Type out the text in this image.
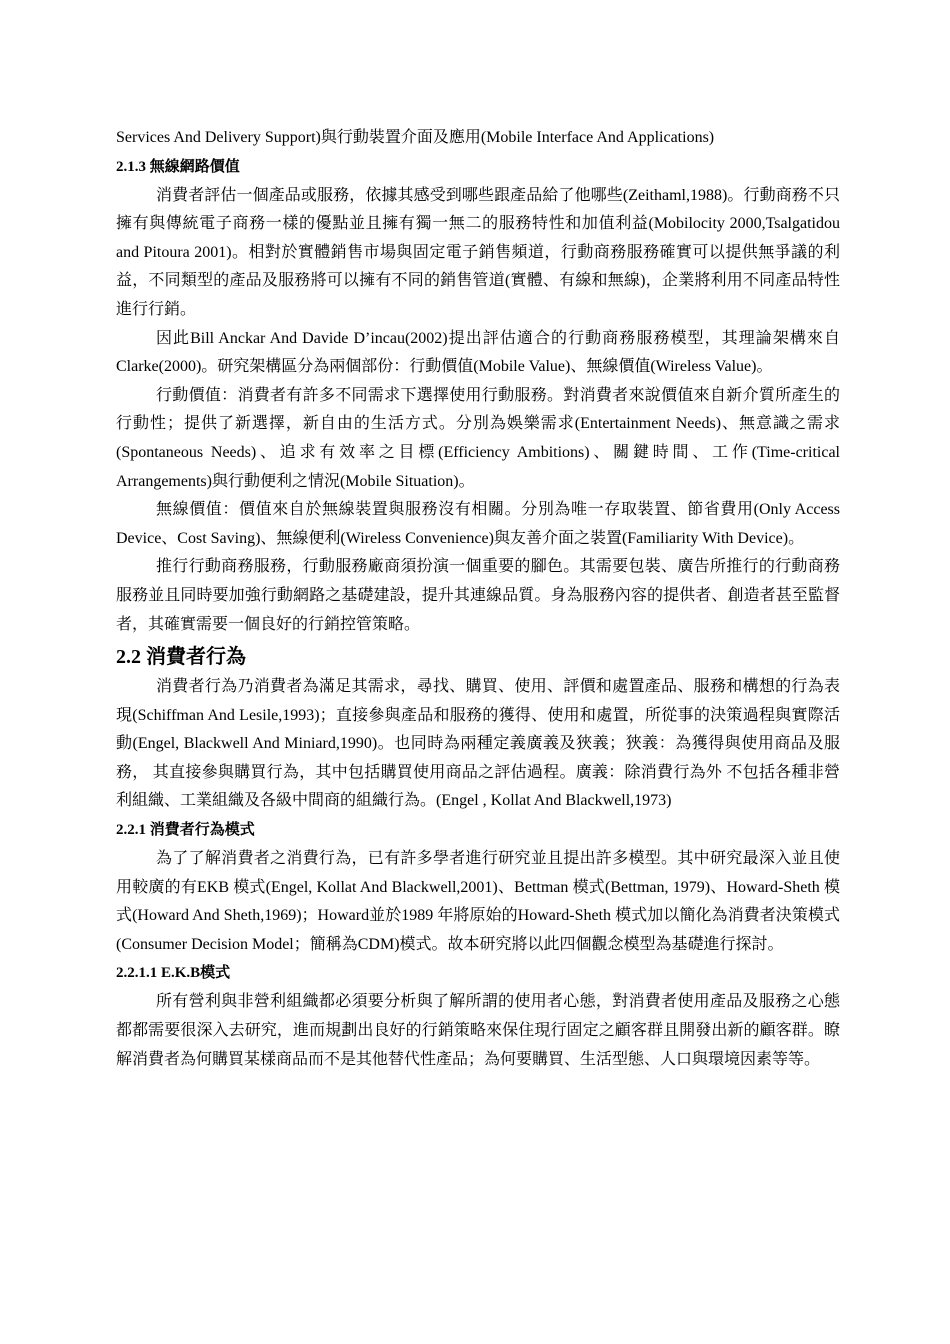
Services And Delivery Support)與行動裝置介面及應用(Mobile Interface And Applications)

2.1.3 無線網路價值

消費者評估一個產品或服務，依據其感受到哪些跟產品給了他哪些(Zeithaml,1988)。行動商務不只擁有與傳統電子商務一樣的優點並且擁有獨一無二的服務特性和加值利益(Mobilocity 2000,Tsalgatidou and Pitoura 2001)。相對於實體銷售市場與固定電子銷售頻道，行動商務服務確實可以提供無爭議的利益，不同類型的產品及服務將可以擁有不同的銷售管道(實體、有線和無線)，企業將利用不同產品特性進行行銷。

因此Bill Anckar And Davide D’incau(2002)提出評估適合的行動商務服務模型，其理論架構來自Clarke(2000)。研究架構區分為兩個部份：行動價值(Mobile Value)、無線價值(Wireless Value)。

行動價值：消費者有許多不同需求下選擇使用行動服務。對消費者來說價值來自新介質所產生的行動性；提供了新選擇，新自由的生活方式。分別為娛樂需求(Entertainment Needs)、無意識之需求(Spontaneous Needs)、追求有效率之目標(Efficiency Ambitions)、關鍵時間、工作(Time-critical Arrangements)與行動便利之情況(Mobile Situation)。

無線價值：價值來自於無線裝置與服務沒有相關。分別為唯一存取裝置、節省費用(Only Access Device、Cost Saving)、無線便利(Wireless Convenience)與友善介面之裝置(Familiarity With Device)。

推行行動商務服務，行動服務廠商須扮演一個重要的腳色。其需要包裝、廣告所推行的行動商務服務並且同時要加強行動網路之基礎建設，提升其連線品質。身為服務內容的提供者、創造者甚至監督者，其確實需要一個良好的行銷控管策略。

2.2 消費者行為

消費者行為乃消費者為滿足其需求，尋找、購買、使用、評價和處置產品、服務和構想的行為表現(Schiffman And Lesile,1993)；直接參與產品和服務的獲得、使用和處置，所從事的決策過程與實際活動(Engel, Blackwell And Miniard,1990)。也同時為兩種定義廣義及狹義；狹義：為獲得與使用商品及服務， 其直接參與購買行為，其中包括購買使用商品之評估過程。廣義：除消費行為外 不包括各種非營利組織、工業組織及各級中間商的組織行為。(Engel , Kollat And Blackwell,1973)

2.2.1 消費者行為模式

為了了解消費者之消費行為，已有許多學者進行研究並且提出許多模型。其中研究最深入並且使用較廣的有EKB 模式(Engel, Kollat And Blackwell,2001)、Bettman 模式(Bettman, 1979)、Howard-Sheth 模式(Howard And Sheth,1969)；Howard並於1989 年將原始的Howard-Sheth 模式加以簡化為消費者決策模式(Consumer Decision Model；簡稱為CDM)模式。故本研究將以此四個觀念模型為基礎進行探討。

2.2.1.1 E.K.B模式

所有營利與非營利組織都必須要分析與了解所謂的使用者心態，對消費者使用產品及服務之心態都都需要很深入去研究，進而規劃出良好的行銷策略來保住現行固定之顧客群且開發出新的顧客群。瞭解消費者為何購買某樣商品而不是其他替代性產品；為何要購買、生活型態、人口與環境因素等等。
